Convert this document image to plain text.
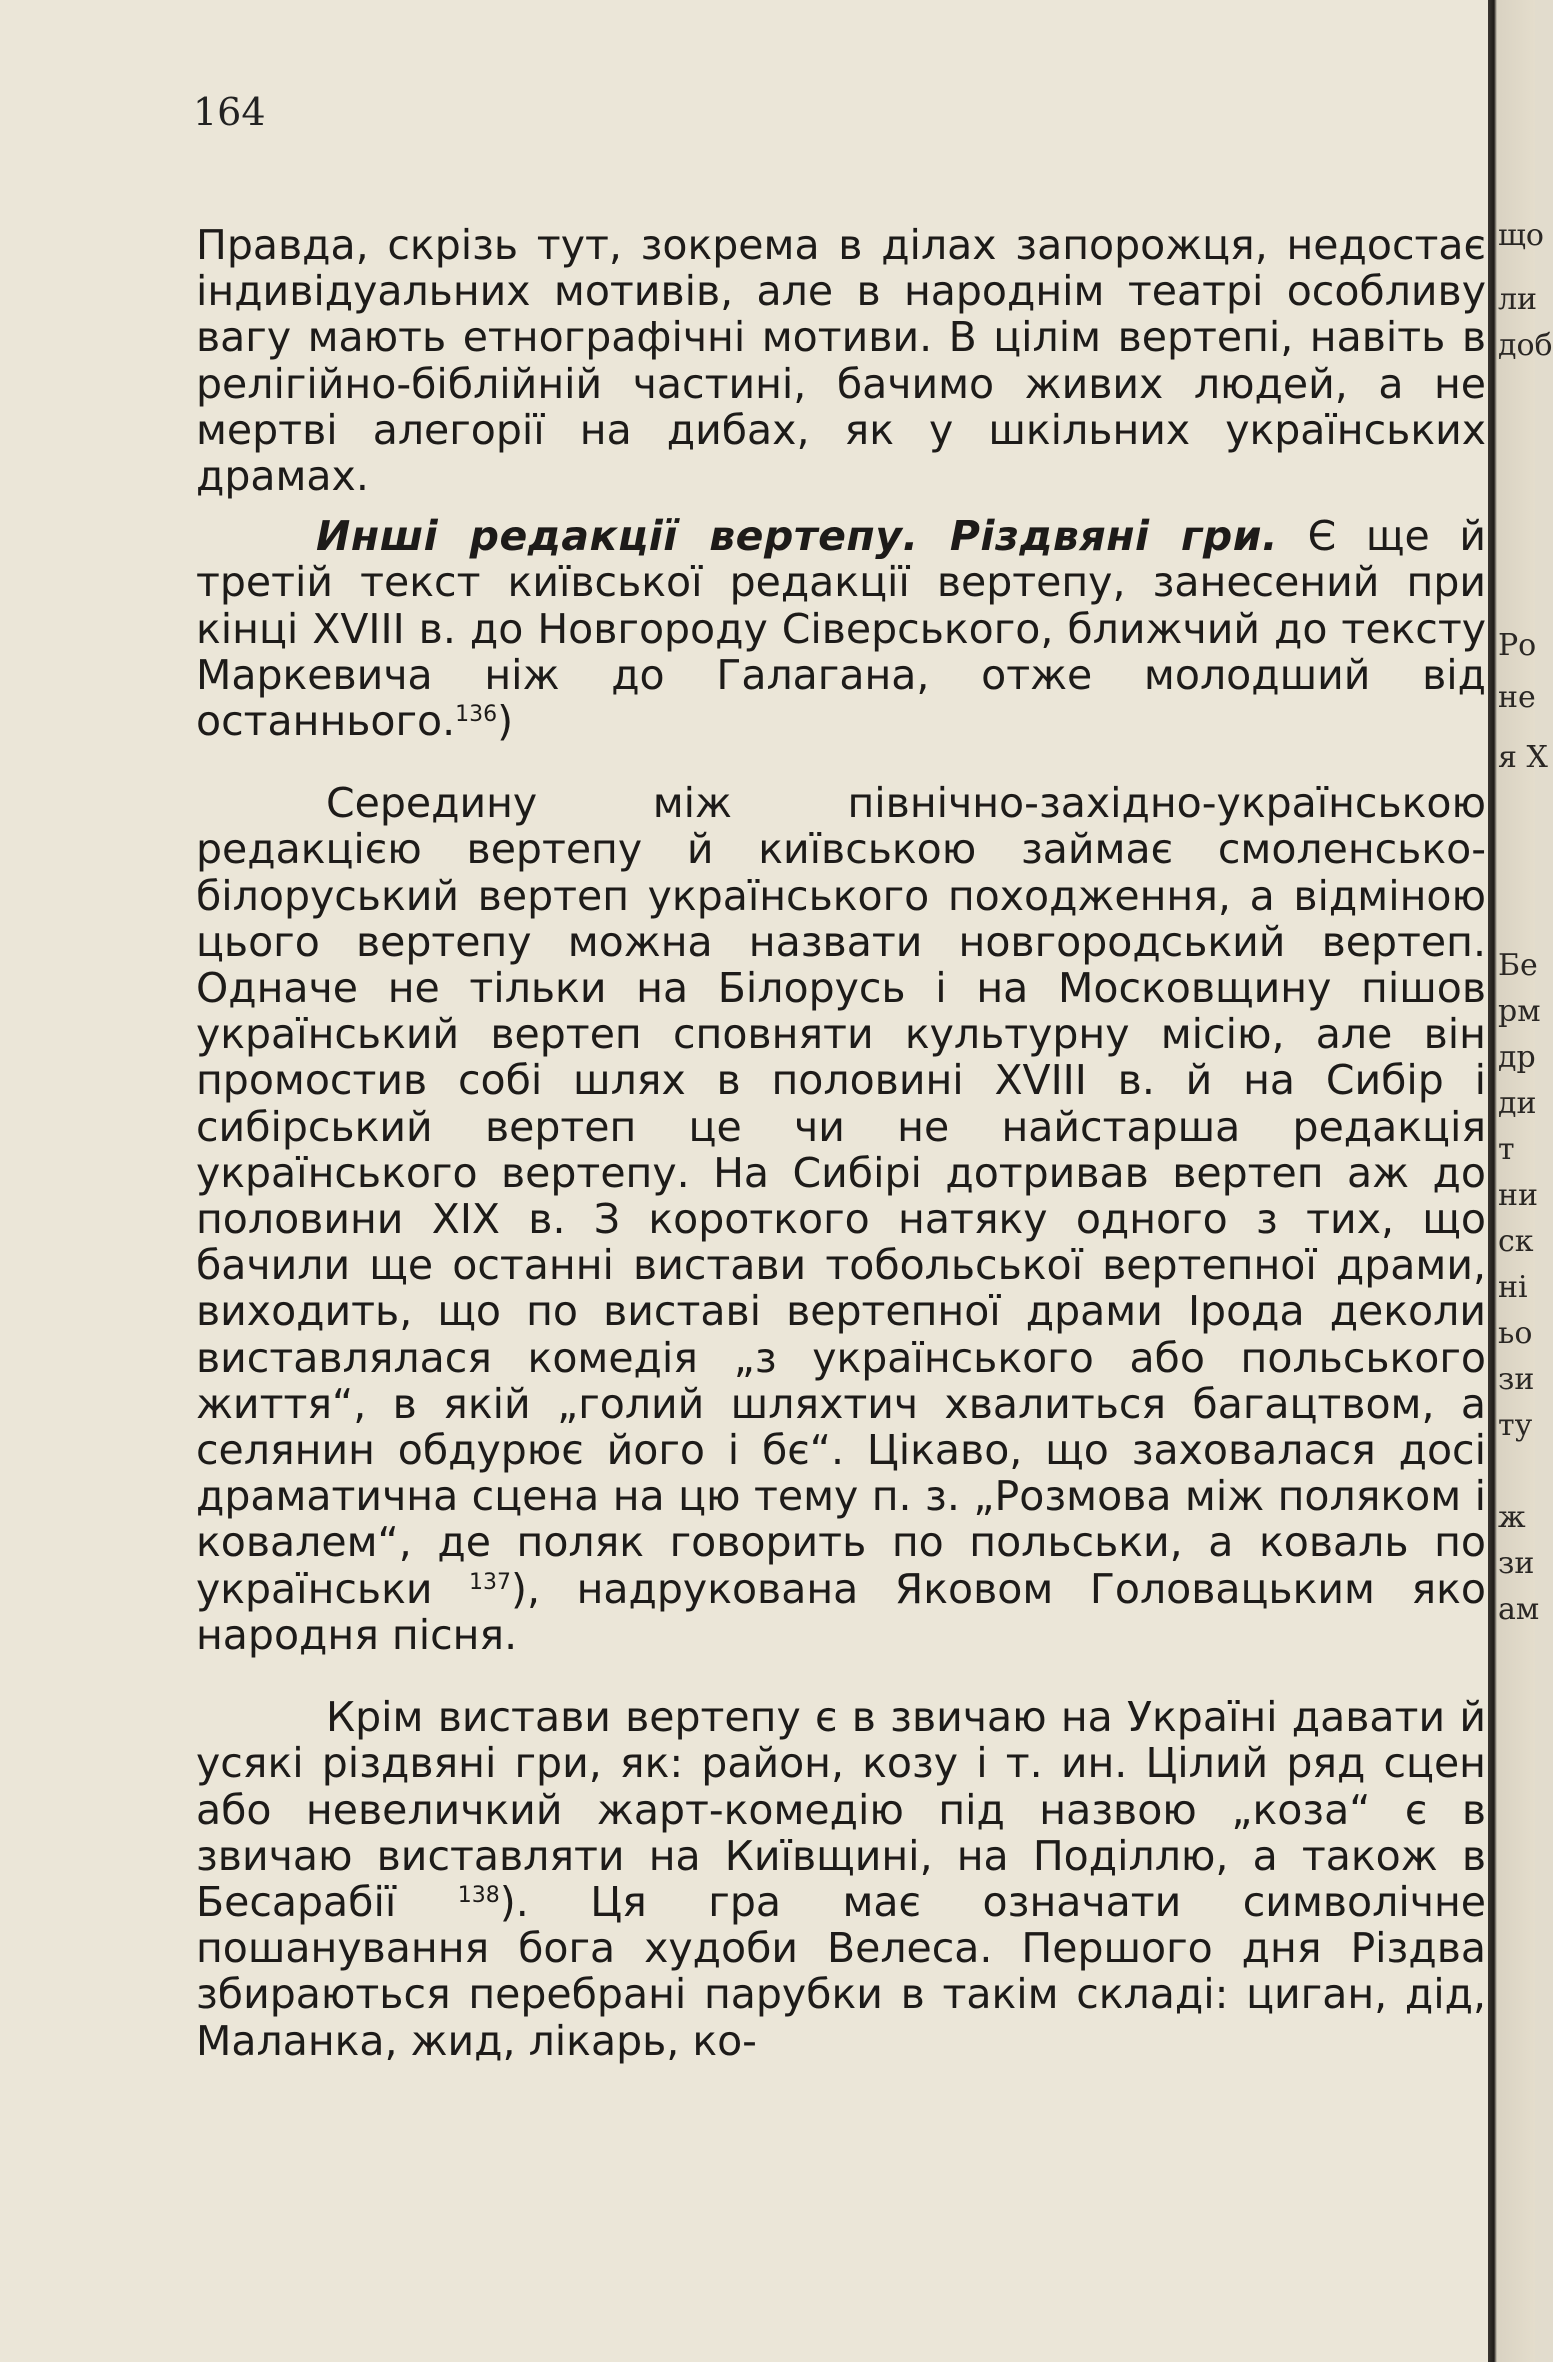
164

Правда, скрізь тут, зокрема в ділах запорожця, недостає індивідуальних мотивів, але в народнім театрі особливу вагу мають етнографічні мотиви. В цілім вертепі, навіть в релігійно-біблійній частині, бачимо живих людей, а не мертві алегорії на дибах, як у шкільних українських драмах.

Инші редакції вертепу. Різдвяні гри. Є ще й третій текст київської редакції вертепу, занесений при кінці XVIII в. до Новгороду Сіверського, ближчий до тексту Маркевича ніж до Галагана, отже молодший від останнього.$^{136}$)

Середину між північно-західно-українською редакцією вертепу й київською займає смоленсько-білоруський вертеп українського походження, а відміною цього вертепу можна назвати новгородський вертеп. Одначе не тільки на Білорусь і на Московщину пішов український вертеп сповняти культурну місію, але він промостив собі шлях в половині XVIII в. й на Сибір і сибірський вертеп це чи не найстарша редакція українського вертепу. На Сибірі дотривав вертеп аж до половини XIX в. З короткого натяку одного з тих, що бачили ще останні вистави тобольської вертепної драми, виходить, що по виставі вертепної драми Ірода деколи виставлялася комедія „з українського або польського життя“, в якій „голий шляхтич хвалиться багацтвом, а селянин обдурює його і бє“. Цікаво, що заховалася досі драматична сцена на цю тему п. з. „Розмова між поляком і ковалем“, де поляк говорить по польськи, а коваль по українськи $^{137}$), надрукована Яковом Головацьким яко народня пісня.

Крім вистави вертепу є в звичаю на Україні давати й усякі різдвяні гри, як: район, козу і т. ин. Цілий ряд сцен або невеличкий жарт-комедію під назвою „коза“ є в звичаю виставляти на Київщині, на Поділлю, а також в Бесарабії $^{138}$). Ця гра має означати символічне пошанування бога худоби Велеса. Першого дня Різдва збираються перебрані парубки в такім складі: циган, дід, Маланка, жид, лікарь, ко-

що
ли
доб
Ро
не
я X
Бе
рм
др
ди
т
ни
ск
ні
ьо
зи
ту
ж
зи
ам
